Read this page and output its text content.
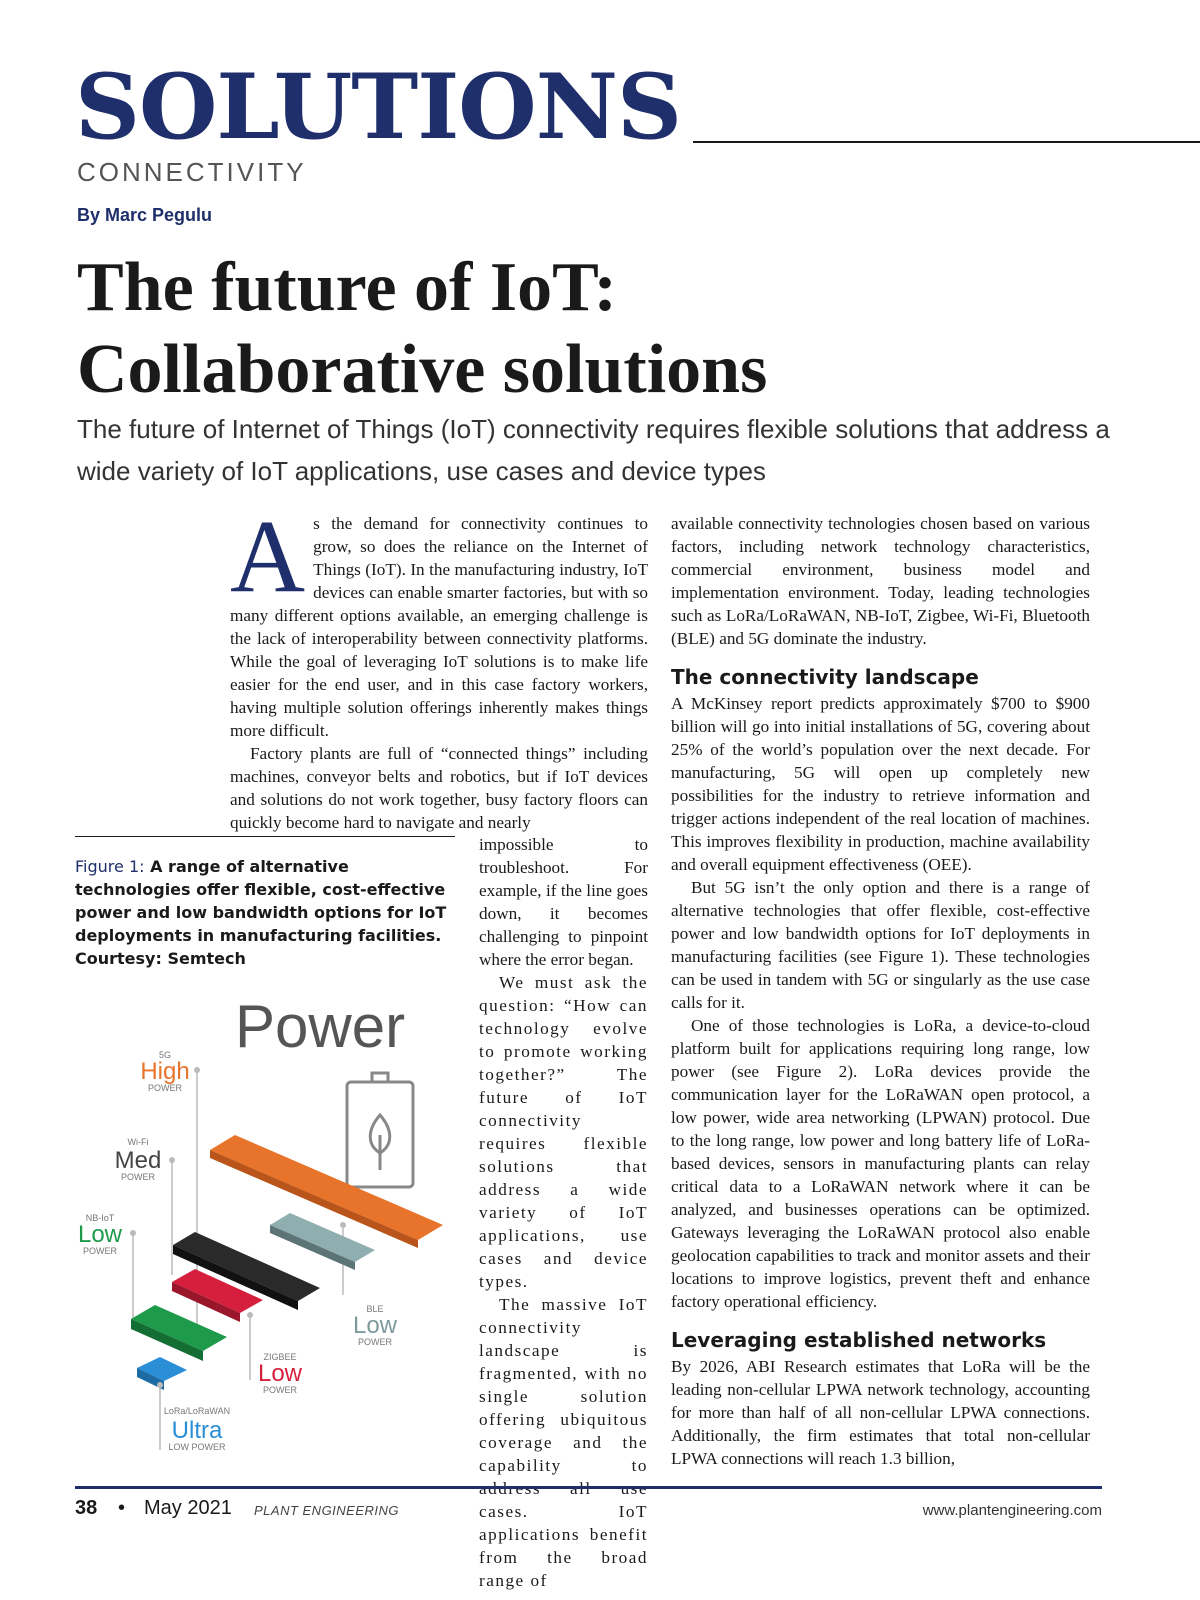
SOLUTIONS
CONNECTIVITY
By Marc Pegulu
The future of IoT:
Collaborative solutions
The future of Internet of Things (IoT) connectivity requires flexible solutions that address a wide variety of IoT applications, use cases and device types
A s the demand for connectivity continues to grow, so does the reliance on the Internet of Things (IoT). In the manufacturing industry, IoT devices can enable smarter factories, but with so many different options available, an emerging challenge is the lack of interoperability between connectivity platforms. While the goal of leveraging IoT solutions is to make life easier for the end user, and in this case factory workers, having multiple solution offerings inherently makes things more difficult.

Factory plants are full of “connected things” including machines, conveyor belts and robotics, but if IoT devices and solutions do not work together, busy factory floors can quickly become hard to navigate and nearly

Figure 1: A range of alternative technologies offer flexible, cost-effective power and low bandwidth options for IoT deployments in manufacturing facilities. Courtesy: Semtech

impossible to troubleshoot. For example, if the line goes down, it becomes challenging to pinpoint where the error began.

We must ask the question: “How can technology evolve to promote working together?” The future of IoT connectivity requires flexible solutions that address a wide variety of IoT applications, use cases and device types.

The massive IoT connectivity landscape is fragmented, with no single solution offering ubiquitous coverage and the capability to cases. IoT applications benefit from the broad range of

available connectivity technologies chosen based on various factors, including network technology characteristics, commercial environment, business model and implementation environment. Today, leading technologies such as LoRa/LoRaWAN, NB-IoT, Zigbee, Wi-Fi, Bluetooth (BLE) and 5G dominate the industry.

The connectivity landscape

A McKinsey report predicts approximately $700 to $900 billion will go into initial installations of 5G, covering about 25% of the world’s population over the next decade. For manufacturing, 5G will open up completely new possibilities for the industry to retrieve information and trigger actions independent of the real location of machines. This improves flexibility in production, machine availability and overall equipment effectiveness (OEE).

But 5G isn’t the only option and there is a range of alternative technologies that offer flexible, cost-effective power and low bandwidth options for IoT deployments in manufacturing facilities (see Figure 1). These technologies can be used in tandem with 5G or singularly as the use case calls for it.

One of those technologies is LoRa, a device-to-cloud platform built for applications requiring long range, low power (see Figure 2). LoRa devices provide the communication layer for the LoRaWAN open protocol, a low power, wide area networking (LPWAN) protocol. Due to the long range, low power and long battery life of LoRa-based devices, sensors in manufacturing plants can relay critical data to a LoRaWAN network where it can be analyzed, and businesses operations can be optimized. Gateways leveraging the LoRaWAN protocol also enable geolocation capabilities to track and monitor assets and their locations to improve logistics, prevent theft and enhance factory operational efficiency.

Leveraging established networks

By 2026, ABI Research estimates that LoRa will be the leading non-cellular LPWA network technology, accounting for more than half of all non-cellular LPWA connections. Additionally, the firm estimates that total non-cellular LPWA connections will reach 1.3 billion,

Power
5G
High
POWER
Wi-Fi
Med
POWER
NB-IoT
Low
POWER
BLE
Low
POWER
ZIGBEE
Low
POWER
LoRa/LoRaWAN
Ultra
LOW POWER
38 • May 2021 PLANT ENGINEERING	www.plantengineering.com
